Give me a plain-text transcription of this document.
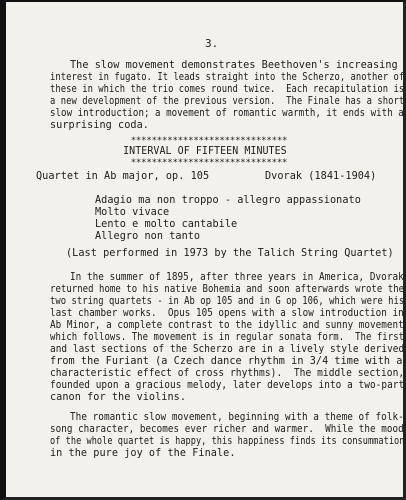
3.
The slow movement demonstrates Beethoven's increasing
interest in fugato. It leads straight into the Scherzo, another of
these in which the trio comes round twice.  Each recapitulation is
a new development of the previous version.  The Finale has a short
slow introduction; a movement of romantic warmth, it ends with a
surprising coda.
******************************
INTERVAL OF FIFTEEN MINUTES
******************************
Quartet in Ab major, op. 105	Dvorak (1841-1904)
Adagio ma non troppo - allegro appassionato
Molto vivace
Lento e molto cantabile
Allegro non tanto
(Last performed in 1973 by the Talich String Quartet)
In the summer of 1895, after three years in America, Dvorak
returned home to his native Bohemia and soon afterwards wrote the
two string quartets - in Ab op 105 and in G op 106, which were his
last chamber works.  Opus 105 opens with a slow introduction in
Ab Minor, a complete contrast to the idyllic and sunny movement
which follows. The movement is in regular sonata form.  The first
and last sections of the Scherzo are in a lively style derived
from the Furiant (a Czech dance rhythm in 3/4 time with a
characteristic effect of cross rhythms).  The middle section,
founded upon a gracious melody, later develops into a two-part
canon for the violins.
The romantic slow movement, beginning with a theme of folk-
song character, becomes ever richer and warmer.  While the mood
of the whole quartet is happy, this happiness finds its consummation
in the pure joy of the Finale.
